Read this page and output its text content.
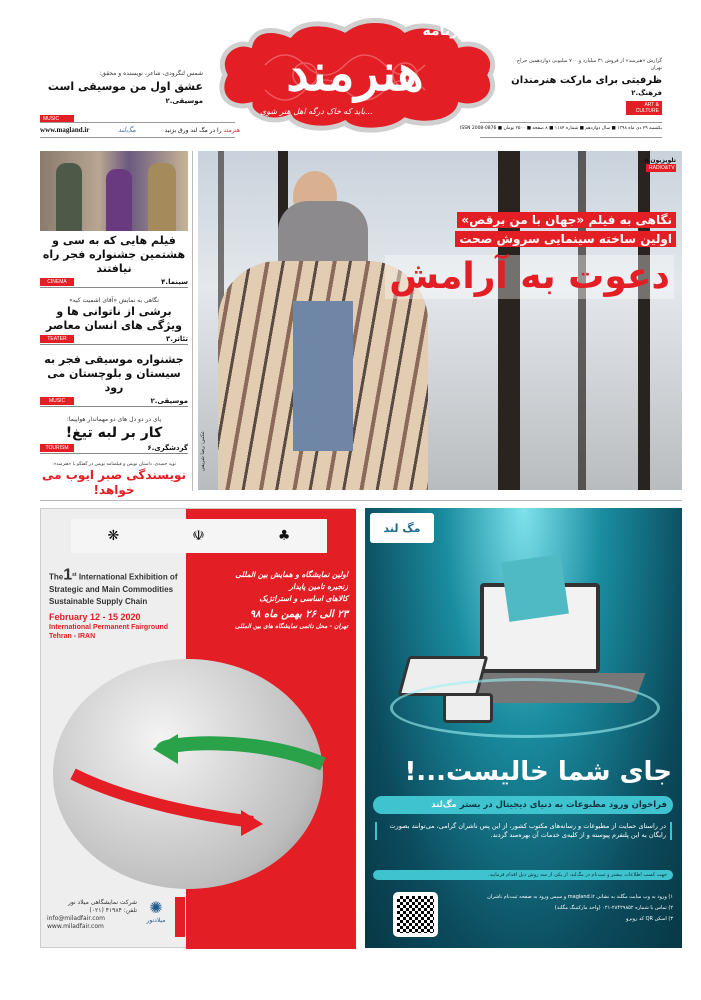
شمس لنگرودی، شاعر، نویسنده و محقق:
عشق اول من موسیقی است
موسیقی.۲
MUSIC
هنرمند را در مگ لند ورق بزنید
مگ‌لند
www.magland.ir
روزنامه
هنرمند
...باید که خاک درگه اهل هنر شوی
گزارش «هنرمند» از فروش ۳۱ میلیارد و ۷۰۰ میلیونی دوازدهمین حراج تهران
ظرفیتی برای مارکت هنرمندان
فرهنگ.۲
ART & CULTURE
یکشنبه ۲۹ دی ماه ۱۳۹۸ ■ سال دوازدهم ■ شماره ۱۱۸۴ ■ ۸ صفحه ■ ۲۵۰۰ تومان ■ ISSN 2008-0876
فیلم هایی که به سی و هشتمین جشنواره فجر راه نیافتند
سینما.۴
CINEMA
نگاهی به نمایش «آقای اشمیت کیه»
برشی از ناتوانی ها و ویژگی های انسان معاصر
تئاتر.۳
TEATER
جشنواره موسیقی فجر به سیستان و بلوچستان می رود
موسیقی.۲
MUSIC
پای در دو دل های دو مهماندار هواپیما:
کار بر لبه تیغ!
گردشگری.۶
TOURISM
نوید حمیدی، داستان نویس و فیلمنامه نویس در گفتگو با «هنرمند»:
نویسندگی صبر ایوب می خواهد!
تلویزیون.۵
RADIO&TV
نگاهی به فیلم «جهان با من برقص»
اولین ساخته سینمایی سروش صحت
دعوت به آرامش
عکس: رضا شریفی
❋	☫	♣
The1st International Exhibition of
Strategic and Main Commodities
Sustainable Supply Chain
February 12 - 15 2020
International Permanent Fairground
Tehran - IRAN
اولین نمایشگاه و همایش بین المللی
زنجیره تامین پایدار
کالاهای اساسی و استراتژیک
۲۳ الی ۲۶ بهمن ماه ۹۸
تهران - محل دائمی نمایشگاه های بین المللی
شرکت نمایشگاهی میلاد نور
تلفن: ۴۱۹۸۴ (۰۲۱)
info@miladfair.com
www.miladfair.com
✺
میلادنور
مگ لند
جای شما خالیست...!
فراخوان ورود مطبوعات به دنیای دیجیتال در بستر مگ‌لند
در راستای حمایت از مطبوعات و رسانه‌های مکتوب کشور، از این پس ناشران گرامی، می‌توانند بصورت رایگان به این پلتفرم پیوسته و از کلیه‌ی خدمات آن بهره‌مند گردند.
جهت کسب اطلاعات بیشتر و ثبت‌نام در مگ‌لند، از یکی از سه روش ذیل اقدام فرمایید.
۱) ورود به وب سایت مگلند به نشانی magland.ir و سپس ورود به صفحه ثبت‌نام ناشران
۲) تماس با شماره ۲۸۴۲۹۸۵۲-۰۲۱ (واحد مارکتینگ مگلند)
۳) اسکن QR کد روبرو
